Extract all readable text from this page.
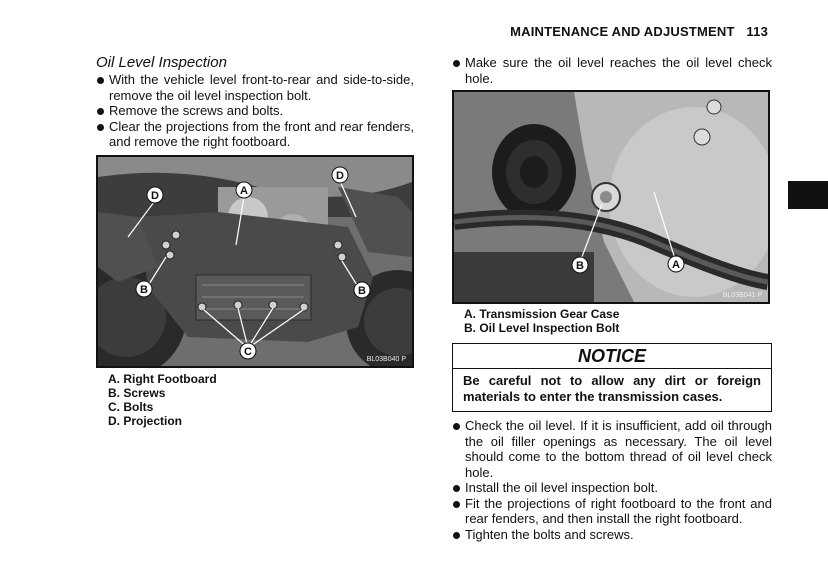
MAINTENANCE AND ADJUSTMENT 113
Oil Level Inspection
With the vehicle level front-to-rear and side-to-side, remove the oil level inspection bolt.
Remove the screws and bolts.
Clear the projections from the front and rear fenders, and remove the right footboard.
A
B	B
C
D
D
BL03B040 P
A. Right Footboard
B. Screws
C. Bolts
D. Projection
Make sure the oil level reaches the oil level check hole.
B	A
BL03B041 P
A. Transmission Gear Case
B. Oil Level Inspection Bolt
NOTICE
Be careful not to allow any dirt or foreign materials to enter the transmission cases.
Check the oil level. If it is insufficient, add oil through the oil filler openings as necessary. The oil level should come to the bottom thread of oil level check hole.
Install the oil level inspection bolt.
Fit the projections of right footboard to the front and rear fenders, and then install the right footboard.
Tighten the bolts and screws.
